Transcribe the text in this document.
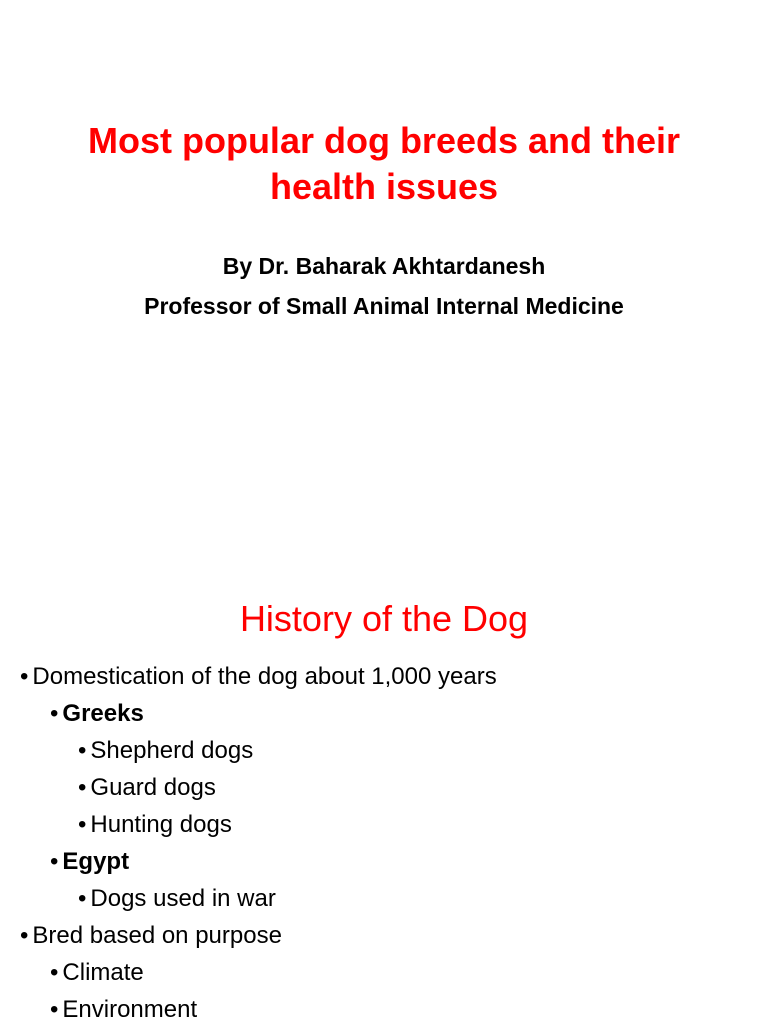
Most popular dog breeds and their
health issues
By Dr. Baharak Akhtardanesh
Professor of Small Animal Internal Medicine
History of the Dog
• Domestication of the dog about 1,000 years
• Greeks
• Shepherd dogs
• Guard dogs
• Hunting dogs
• Egypt
• Dogs used in war
• Bred based on purpose
• Climate
• Environment
